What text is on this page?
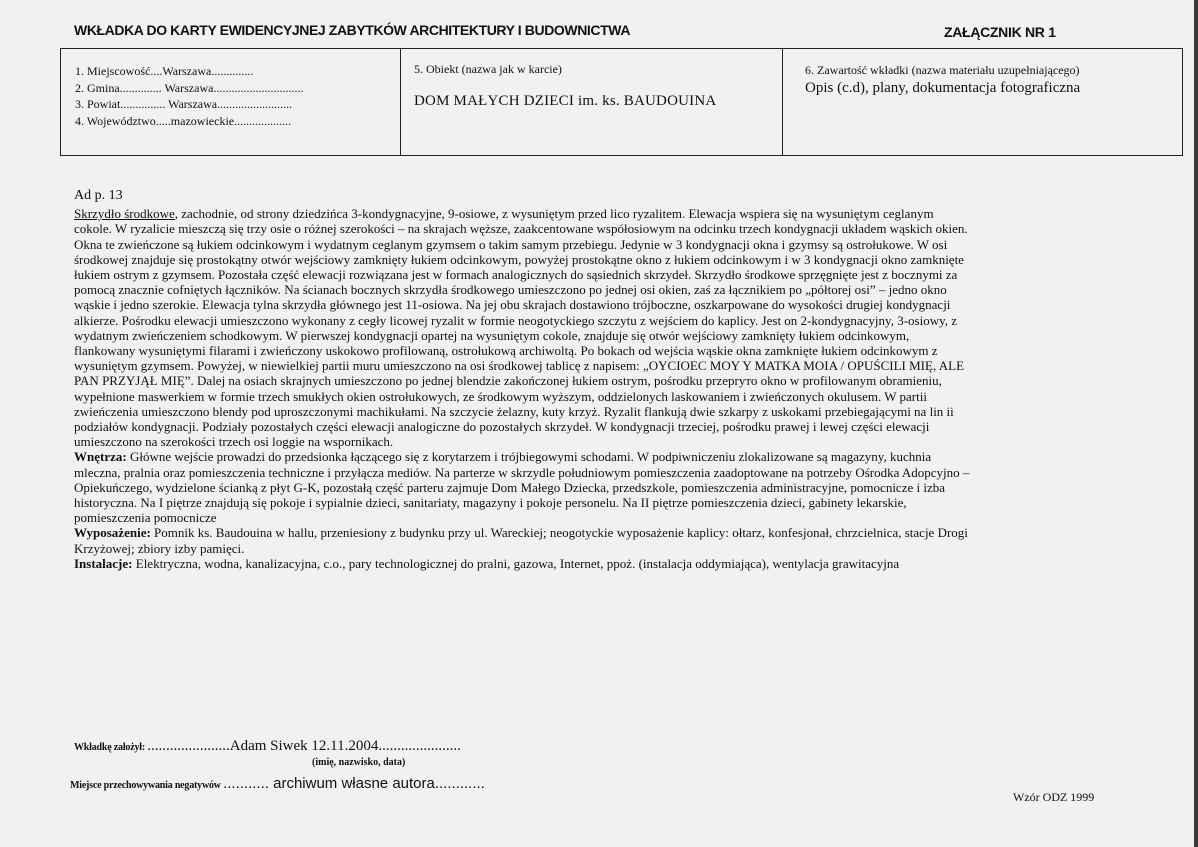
WKŁADKA DO KARTY EWIDENCYJNEJ ZABYTKÓW ARCHITEKTURY I BUDOWNICTWA	ZAŁĄCZNIK NR 1
1. Miejscowość....Warszawa..............
2. Gmina.............. Warszawa..............................
3. Powiat............... Warszawa.........................
4. Województwo.....mazowieckie...................
5. Obiekt (nazwa jak w karcie)
DOM MAŁYCH DZIECI im. ks. BAUDOUINA
6. Zawartość wkładki (nazwa materiału uzupełniającego)
Opis (c.d), plany, dokumentacja fotograficzna

Ad p. 13

Skrzydło środkowe, zachodnie, od strony dziedzińca 3-kondygnacyjne, 9-osiowe, z wysuniętym przed lico ryzalitem. Elewacja wspiera się na wysuniętym ceglanym

cokole. W ryzalicie mieszczą się trzy osie o różnej szerokości – na skrajach węższe, zaakcentowane współosiowym na odcinku trzech kondygnacji układem wąskich okien.

Okna te zwieńczone są łukiem odcinkowym i wydatnym ceglanym gzymsem o takim samym przebiegu. Jedynie w 3 kondygnacji okna i gzymsy są ostrołukowe. W osi

środkowej znajduje się prostokątny otwór wejściowy zamknięty łukiem odcinkowym, powyżej prostokątne okno z łukiem odcinkowym i w 3 kondygnacji okno zamknięte

łukiem ostrym z gzymsem. Pozostała część elewacji rozwiązana jest w formach analogicznych do sąsiednich skrzydeł. Skrzydło środkowe sprzęgnięte jest z bocznymi za

pomocą znacznie cofniętych łączników. Na ścianach bocznych skrzydła środkowego umieszczono po jednej osi okien, zaś za łącznikiem po „półtorej osi” – jedno okno

wąskie i jedno szerokie. Elewacja tylna skrzydła głównego jest 11-osiowa. Na jej obu skrajach dostawiono trójboczne, oszkarpowane do wysokości drugiej kondygnacji

alkierze. Pośrodku elewacji umieszczono wykonany z cegły licowej ryzalit w formie neogotyckiego szczytu z wejściem do kaplicy. Jest on 2-kondygnacyjny, 3-osiowy, z

wydatnym zwieńczeniem schodkowym. W pierwszej kondygnacji opartej na wysuniętym cokole, znajduje się otwór wejściowy zamknięty łukiem odcinkowym,

flankowany wysuniętymi filarami i zwieńczony uskokowo profilowaną, ostrołukową archiwoltą. Po bokach od wejścia wąskie okna zamknięte łukiem odcinkowym z

wysuniętym gzymsem. Powyżej, w niewielkiej partii muru umieszczono na osi środkowej tablicę z napisem: „OYCIOEC MOY Y MATKA MOIA / OPUŚCILI MIĘ, ALE

PAN PRZYJĄŁ MIĘ”. Dalej na osiach skrajnych umieszczono po jednej blendzie zakończonej łukiem ostrym, pośrodku przeprуто okno w profilowanym obramieniu,

wypełnione maswerkiem w formie trzech smukłych okien ostrołukowych, ze środkowym wyższym, oddzielonych laskowaniem i zwieńczonych okulusem. W partii

zwieńczenia umieszczono blendy pod uproszczonymi machikułami. Na szczycie żelazny, kuty krzyż. Ryzalit flankują dwie szkarpy z uskokami przebiegającymi na lin ii

podziałów kondygnacji. Podziały pozostałych części elewacji analogiczne do pozostałych skrzydeł. W kondygnacji trzeciej, pośrodku prawej i lewej części elewacji

umieszczono na szerokości trzech osi loggie na wspornikach.

Wnętrza: Główne wejście prowadzi do przedsionka łączącego się z korytarzem i trójbiegowymi schodami. W podpiwniczeniu zlokalizowane są magazyny, kuchnia

mleczna, pralnia oraz pomieszczenia techniczne i przyłącza mediów. Na parterze w skrzydle południowym pomieszczenia zaadoptowane na potrzeby Ośrodka Adopcyjno –

Opiekuńczego, wydzielone ścianką z płyt G-K, pozostałą część parteru zajmuje Dom Małego Dziecka, przedszkole, pomieszczenia administracyjne, pomocnicze i izba

historyczna. Na I piętrze znajdują się pokoje i sypialnie dzieci, sanitariaty, magazyny i pokoje personelu. Na II piętrze pomieszczenia dzieci, gabinety lekarskie,

pomieszczenia pomocnicze

Wyposażenie: Pomnik ks. Baudouina w hallu, przeniesiony z budynku przy ul. Wareckiej; neogotyckie wyposażenie kaplicy: ołtarz, konfesjonał, chrzcielnica, stacje Drogi

Krzyżowej; zbiory izby pamięci.

Instalacje: Elektryczna, wodna, kanalizacyjna, c.o., pary technologicznej do pralni, gazowa, Internet, ppoż. (instalacja oddymiająca), wentylacja grawitacyjna

Wkładkę założył: ......................Adam Siwek 12.11.2004......................
(imię, nazwisko, data)
Miejsce przechowywania negatywów ........... archiwum własne autora............
Wzór ODZ 1999
